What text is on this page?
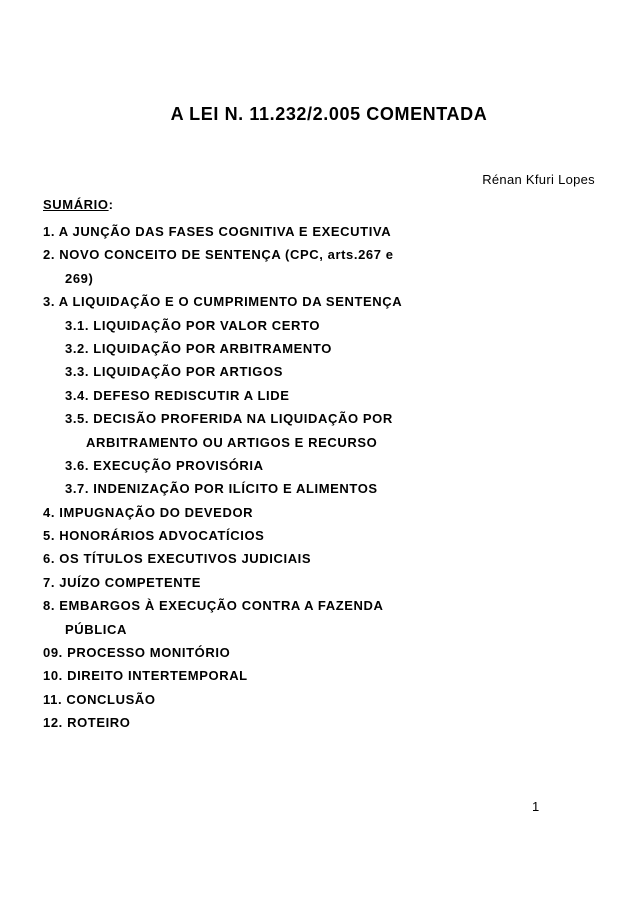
A LEI N. 11.232/2.005 COMENTADA
Rénan Kfuri Lopes
SUMÁRIO:
1. A JUNÇÃO DAS FASES COGNITIVA E EXECUTIVA
2. NOVO CONCEITO DE SENTENÇA (CPC, arts.267 e
269)
3. A LIQUIDAÇÃO E O CUMPRIMENTO DA SENTENÇA
3.1. LIQUIDAÇÃO POR VALOR CERTO
3.2. LIQUIDAÇÃO POR ARBITRAMENTO
3.3. LIQUIDAÇÃO POR ARTIGOS
3.4. DEFESO REDISCUTIR A LIDE
3.5. DECISÃO PROFERIDA NA LIQUIDAÇÃO POR
ARBITRAMENTO OU ARTIGOS E RECURSO
3.6. EXECUÇÃO PROVISÓRIA
3.7. INDENIZAÇÃO POR ILÍCITO E ALIMENTOS
4. IMPUGNAÇÃO DO DEVEDOR
5. HONORÁRIOS ADVOCATÍCIOS
6. OS TÍTULOS EXECUTIVOS JUDICIAIS
7. JUÍZO COMPETENTE
8. EMBARGOS À EXECUÇÃO CONTRA A FAZENDA
PÚBLICA
09. PROCESSO MONITÓRIO
10. DIREITO INTERTEMPORAL
11. CONCLUSÃO
12. ROTEIRO
1
